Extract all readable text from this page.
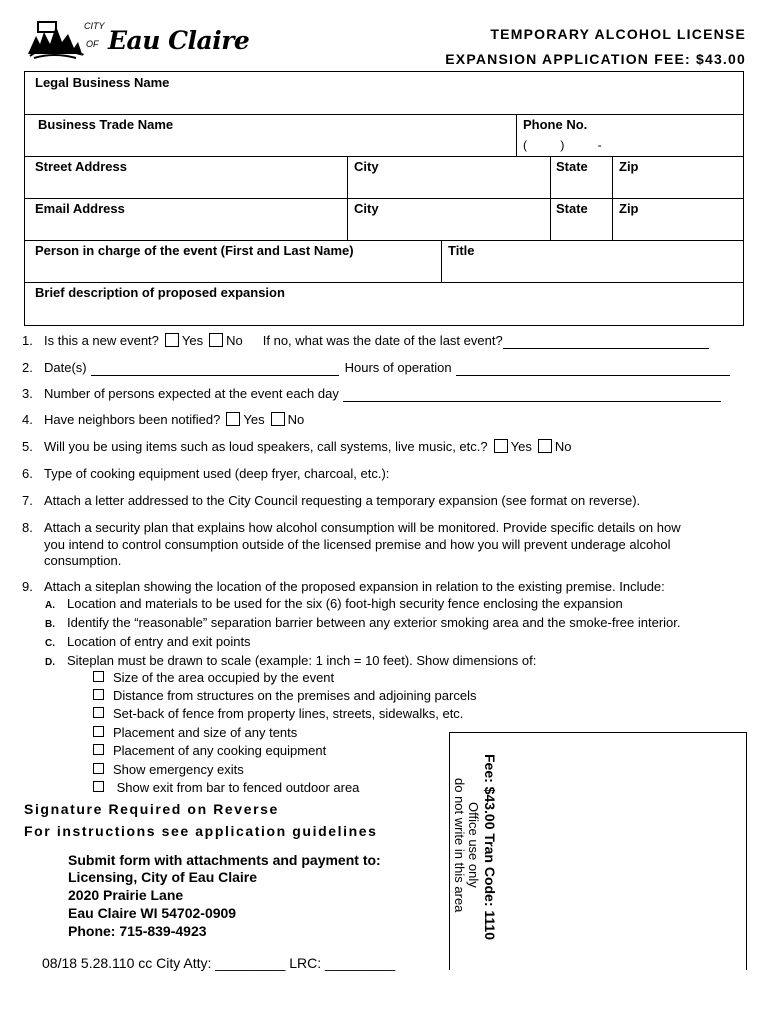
CITY
OF Eau Claire	TEMPORARY ALCOHOL LICENSE
EXPANSION APPLICATION FEE: $43.00
Legal Business Name
Business Trade Name	Phone No.
(          )          -
Street Address	City	State Zip
Email Address	City	State Zip
Person in charge of the event (First and Last Name)	Title
Brief description of proposed expansion
1. Is this a new event? Yes No If no, what was the date of the last event?
2. Date(s)	Hours of operation
3. Number of persons expected at the event each day
4. Have neighbors been notified? Yes No
5. Will you be using items such as loud speakers, call systems, live music, etc.? Yes No
6. Type of cooking equipment used (deep fryer, charcoal, etc.):
7. Attach a letter addressed to the City Council requesting a temporary expansion (see format on reverse).
8. Attach a security plan that explains how alcohol consumption will be monitored. Provide specific details on how
you intend to control consumption outside of the licensed premise and how you will prevent underage alcohol
consumption.
9. Attach a siteplan showing the location of the proposed expansion in relation to the existing premise. Include:
A. Location and materials to be used for the six (6) foot-high security fence enclosing the expansion
B. Identify the “reasonable” separation barrier between any exterior smoking area and the smoke-free interior.
C. Location of entry and exit points
D. Siteplan must be drawn to scale (example: 1 inch = 10 feet). Show dimensions of:
Size of the area occupied by the event
Distance from structures on the premises and adjoining parcels
Set-back of fence from property lines, streets, sidewalks, etc.
Placement and size of any tents
Placement of any cooking equipment
Show emergency exits
Show exit from bar to fenced outdoor area
Signature Required on Reverse
For instructions see application guidelines
Submit form with attachments and payment to:
Licensing, City of Eau Claire
2020 Prairie Lane
Eau Claire WI 54702-0909
Phone: 715-839-4923	Fee: $43.00 Tran Code: 1110
Office use only
do not write in this area
08/18 5.28.110 cc City Atty: _________ LRC: _________
